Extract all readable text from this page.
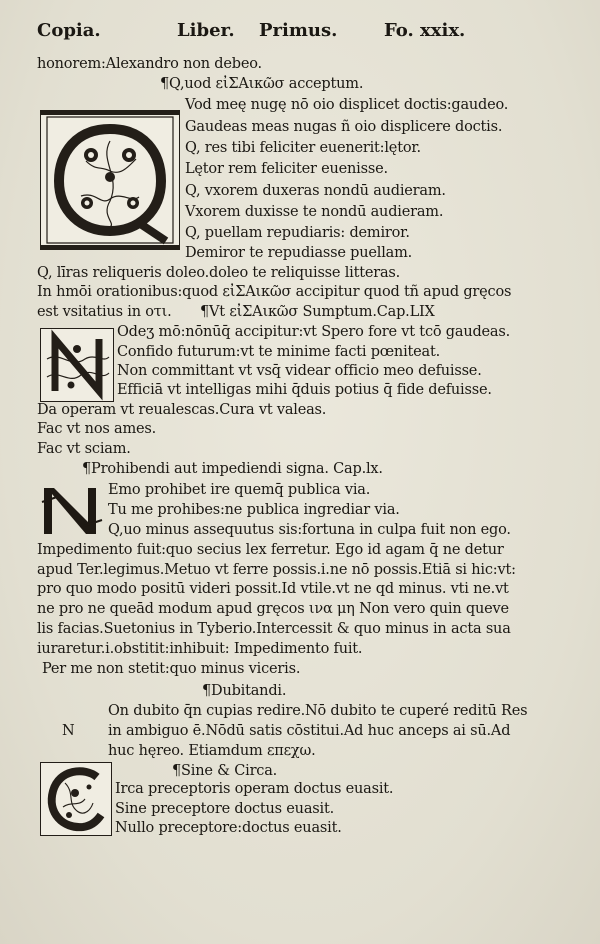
Copia.	Liber. Primus.	Fo. xxix.
honorem:Alexandro non debeo.
¶Q,uod εἰΣΑικῶσ acceptum.
Vod meę nugę nō oio displicet doctis:gaudeo.
Gaudeas meas nugas ñ oio displicere doctis.
Q, res tibi feliciter euenerit:lętor.
Lętor rem feliciter euenisse.
Q, vxorem duxeras nondū audieram.
Vxorem duxisse te nondū audieram.
Q, puellam repudiaris: demiror.
Demiror te repudiasse puellam.
Q, līras reliqueris doleo.doleo te reliquisse litteras.
In hmōi orationibus:quod εἰΣΑικῶσ accipitur quod tñ apud gręcos
est vsitatius in oτι. ¶Vt εἰΣΑικῶσ Sumptum.Cap.LIX
Odeʒ mō:nōnūq̄ accipitur:vt Spero fore vt tcō gaudeas.
Confido futurum:vt te minime facti pœniteat.
Non committant vt vsq̄ videar officio meo defuisse.
Efficiā vt intelligas mihi q̄duis potius q̄ fide defuisse.
Da operam vt reualescas.Cura vt valeas.
Fac vt nos ames.
Fac vt sciam.
¶Prohibendi aut impediendi signa. Cap.lx.
Emo prohibet ire quemq̄ publica via.
Tu me prohibes:ne publica ingrediar via.
Q,uo minus assequutus sis:fortuna in culpa fuit non ego.
Impedimento fuit:quo secius lex ferretur. Ego id agam q̄ ne detur
apud Ter.legimus.Metuo vt ferre possis.i.ne nō possis.Etiā si hic:vt:
pro quo modo positū videri possit.Id vtile.vt ne qd minus. vti ne.vt
ne pro ne queād modum apud gręcos ινα μη Non vero quin queve
lis facias.Suetonius in Tyberio.Intercessit & quo minus in acta sua
iuraretur.i.obstitit:inhibuit: Impedimento fuit.
Per me non stetit:quo minus viceris.
¶Dubitandi.
On dubito q̄n cupias redire.Nō dubito te cuperé reditū Res
N in ambiguo ē.Nōdū satis cōstitui.Ad huc anceps ai sū.Ad
huc hęreo. Etiamdum επεχω.
¶Sine & Circa.
Irca preceptoris operam doctus euasit.
Sine preceptore doctus euasit.
Nullo preceptore:doctus euasit.
